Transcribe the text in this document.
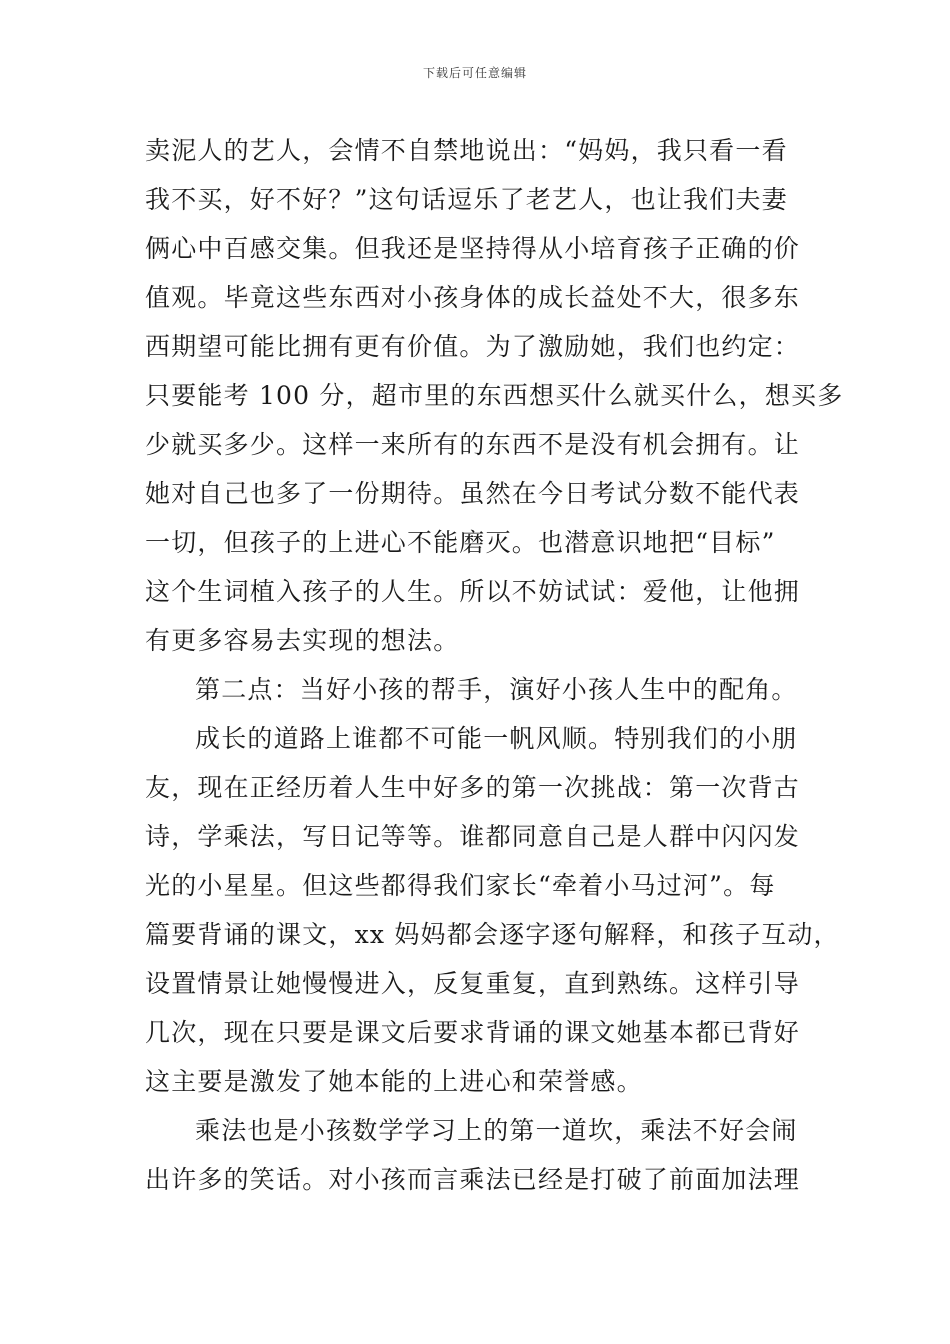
下载后可任意编辑
卖泥人的艺人，会情不自禁地说出：“妈妈，我只看一看
我不买，好不好？”这句话逗乐了老艺人，也让我们夫妻
俩心中百感交集。但我还是坚持得从小培育孩子正确的价
值观。毕竟这些东西对小孩身体的成长益处不大，很多东
西期望可能比拥有更有价值。为了激励她，我们也约定：
只要能考 100 分，超市里的东西想买什么就买什么，想买多
少就买多少。这样一来所有的东西不是没有机会拥有。让
她对自己也多了一份期待。虽然在今日考试分数不能代表
一切，但孩子的上进心不能磨灭。也潜意识地把“目标”
这个生词植入孩子的人生。所以不妨试试：爱他，让他拥
有更多容易去实现的想法。
第二点：当好小孩的帮手，演好小孩人生中的配角。
成长的道路上谁都不可能一帆风顺。特别我们的小朋
友，现在正经历着人生中好多的第一次挑战：第一次背古
诗，学乘法，写日记等等。谁都同意自己是人群中闪闪发
光的小星星。但这些都得我们家长“牵着小马过河”。每
篇要背诵的课文，xx 妈妈都会逐字逐句解释，和孩子互动，
设置情景让她慢慢进入，反复重复，直到熟练。这样引导
几次，现在只要是课文后要求背诵的课文她基本都已背好
这主要是激发了她本能的上进心和荣誉感。
乘法也是小孩数学学习上的第一道坎，乘法不好会闹
出许多的笑话。对小孩而言乘法已经是打破了前面加法理
